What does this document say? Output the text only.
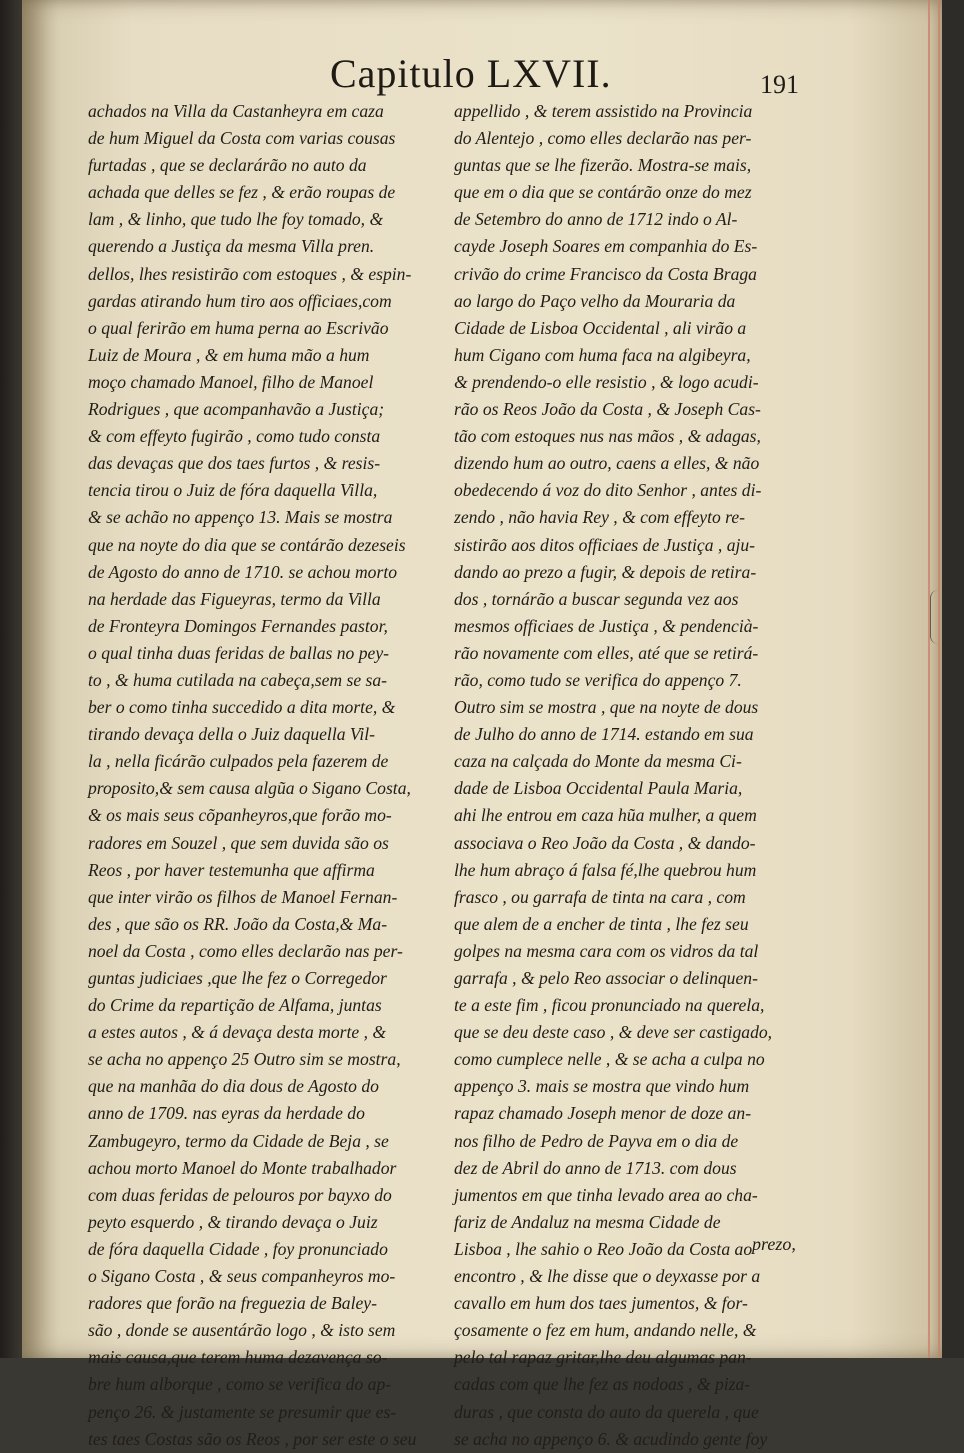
Capitulo LXVII.	191
achados na Villa da Castanheyra em caza
de hum Miguel da Costa com varias cousas
furtadas , que se declarárão no auto da
achada que delles se fez , & erão roupas de
lam , & linho, que tudo lhe foy tomado, &
querendo a Justiça da mesma Villa pren.
dellos, lhes resistirão com estoques , & espin-
gardas atirando hum tiro aos officiaes,com
o qual ferirão em huma perna ao Escrivão
Luiz de Moura , & em huma mão a hum
moço chamado Manoel, filho de Manoel
Rodrigues , que acompanhavão a Justiça;
& com effeyto fugirão , como tudo consta
das devaças que dos taes furtos , & resis-
tencia tirou o Juiz de fóra daquella Villa,
& se achão no appenço 13. Mais se mostra
que na noyte do dia que se contárão dezeseis
de Agosto do anno de 1710. se achou morto
na herdade das Figueyras, termo da Villa
de Fronteyra Domingos Fernandes pastor,
o qual tinha duas feridas de ballas no pey-
to , & huma cutilada na cabeça,sem se sa-
ber o como tinha succedido a dita morte, &
tirando devaça della o Juiz daquella Vil-
la , nella ficárão culpados pela fazerem de
proposito,& sem causa algũa o Sigano Costa,
& os mais seus cõpanheyros,que forão mo-
radores em Souzel , que sem duvida são os
Reos , por haver testemunha que affirma
que inter virão os filhos de Manoel Fernan-
des , que são os RR. João da Costa,& Ma-
noel da Costa , como elles declarão nas per-
guntas judiciaes ,que lhe fez o Corregedor
do Crime da repartição de Alfama, juntas
a estes autos , & á devaça desta morte , &
se acha no appenço 25 Outro sim se mostra,
que na manhãa do dia dous de Agosto do
anno de 1709. nas eyras da herdade do
Zambugeyro, termo da Cidade de Beja , se
achou morto Manoel do Monte trabalhador
com duas feridas de pelouros por bayxo do
peyto esquerdo , & tirando devaça o Juiz
de fóra daquella Cidade , foy pronunciado
o Sigano Costa , & seus companheyros mo-
radores que forão na freguezia de Baley-
são , donde se ausentárão logo , & isto sem
mais causa,que terem huma dezavença so-
bre hum alborque , como se verifica do ap-
penço 26. & justamente se presumir que es-
tes taes Costas são os Reos , por ser este o seu
appellido , & terem assistido na Provincia
do Alentejo , como elles declarão nas per-
guntas que se lhe fizerão. Mostra-se mais,
que em o dia que se contárão onze do mez
de Setembro do anno de 1712 indo o Al-
cayde Joseph Soares em companhia do Es-
crivão do crime Francisco da Costa Braga
ao largo do Paço velho da Mouraria da
Cidade de Lisboa Occidental , ali virão a
hum Cigano com huma faca na algibeyra,
& prendendo-o elle resistio , & logo acudi-
rão os Reos João da Costa , & Joseph Cas-
tão com estoques nus nas mãos , & adagas,
dizendo hum ao outro, caens a elles, & não
obedecendo á voz do dito Senhor , antes di-
zendo , não havia Rey , & com effeyto re-
sistirão aos ditos officiaes de Justiça , aju-
dando ao prezo a fugir, & depois de retira-
dos , tornárão a buscar segunda vez aos
mesmos officiaes de Justiça , & pendencià-
rão novamente com elles, até que se retirá-
rão, como tudo se verifica do appenço 7.
Outro sim se mostra , que na noyte de dous
de Julho do anno de 1714. estando em sua
caza na calçada do Monte da mesma Ci-
dade de Lisboa Occidental Paula Maria,
ahi lhe entrou em caza hũa mulher, a quem
associava o Reo João da Costa , & dando-
lhe hum abraço á falsa fé,lhe quebrou hum
frasco , ou garrafa de tinta na cara , com
que alem de a encher de tinta , lhe fez seu
golpes na mesma cara com os vidros da tal
garrafa , & pelo Reo associar o delinquen-
te a este fim , ficou pronunciado na querela,
que se deu deste caso , & deve ser castigado,
como cumplece nelle , & se acha a culpa no
appenço 3. mais se mostra que vindo hum
rapaz chamado Joseph menor de doze an-
nos filho de Pedro de Payva em o dia de
dez de Abril do anno de 1713. com dous
jumentos em que tinha levado area ao cha-
fariz de Andaluz na mesma Cidade de
Lisboa , lhe sahio o Reo João da Costa ao
encontro , & lhe disse que o deyxasse por a
cavallo em hum dos taes jumentos, & for-
çosamente o fez em hum, andando nelle, &
pelo tal rapaz gritar,lhe deu algumas pan-
cadas com que lhe fez as nodoas , & piza-
duras , que consta do auto da querela , que
se acha no appenço 6. & acudindo gente foy
prezo,
